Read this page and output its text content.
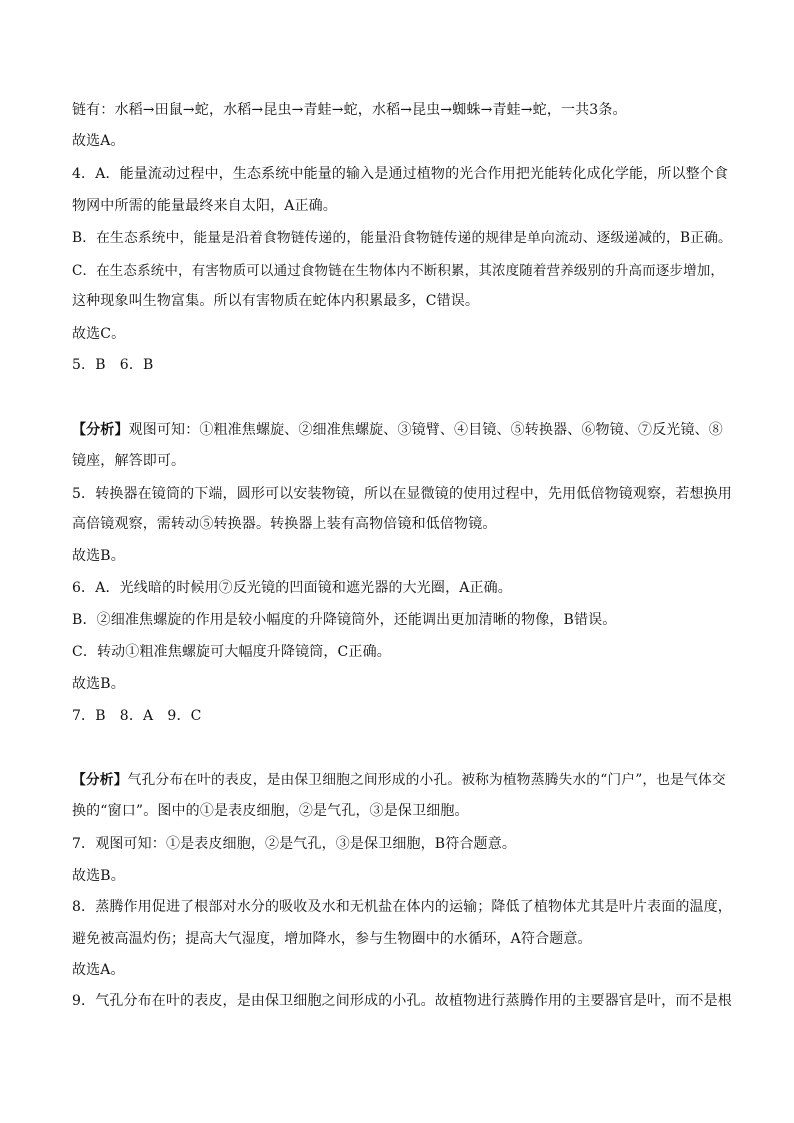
链有：水稻→田鼠→蛇，水稻→昆虫→青蛙→蛇，水稻→昆虫→蜘蛛→青蛙→蛇，一共3条。
故选A。
4．A．能量流动过程中，生态系统中能量的输入是通过植物的光合作用把光能转化成化学能，所以整个食
物网中所需的能量最终来自太阳，A正确。
B．在生态系统中，能量是沿着食物链传递的，能量沿食物链传递的规律是单向流动、逐级递减的，B正确。
C．在生态系统中，有害物质可以通过食物链在生物体内不断积累，其浓度随着营养级别的升高而逐步增加，
这种现象叫生物富集。所以有害物质在蛇体内积累最多，C错误。
故选C。
5．B　6．B
【分析】观图可知：①粗准焦螺旋、②细准焦螺旋、③镜臂、④目镜、⑤转换器、⑥物镜、⑦反光镜、⑧
镜座，解答即可。
5．转换器在镜筒的下端，圆形可以安装物镜，所以在显微镜的使用过程中，先用低倍物镜观察，若想换用
高倍镜观察，需转动⑤转换器。转换器上装有高物倍镜和低倍物镜。
故选B。
6．A．光线暗的时候用⑦反光镜的凹面镜和遮光器的大光圈，A正确。
B．②细准焦螺旋的作用是较小幅度的升降镜筒外，还能调出更加清晰的物像，B错误。
C．转动①粗准焦螺旋可大幅度升降镜筒，C正确。
故选B。
7．B　8．A　9．C
【分析】气孔分布在叶的表皮，是由保卫细胞之间形成的小孔。被称为植物蒸腾失水的“门户”，也是气体交
换的“窗口”。图中的①是表皮细胞，②是气孔，③是保卫细胞。
7．观图可知：①是表皮细胞，②是气孔，③是保卫细胞，B符合题意。
故选B。
8．蒸腾作用促进了根部对水分的吸收及水和无机盐在体内的运输；降低了植物体尤其是叶片表面的温度，
避免被高温灼伤；提高大气湿度，增加降水，参与生物圈中的水循环，A符合题意。
故选A。
9．气孔分布在叶的表皮，是由保卫细胞之间形成的小孔。故植物进行蒸腾作用的主要器官是叶，而不是根
